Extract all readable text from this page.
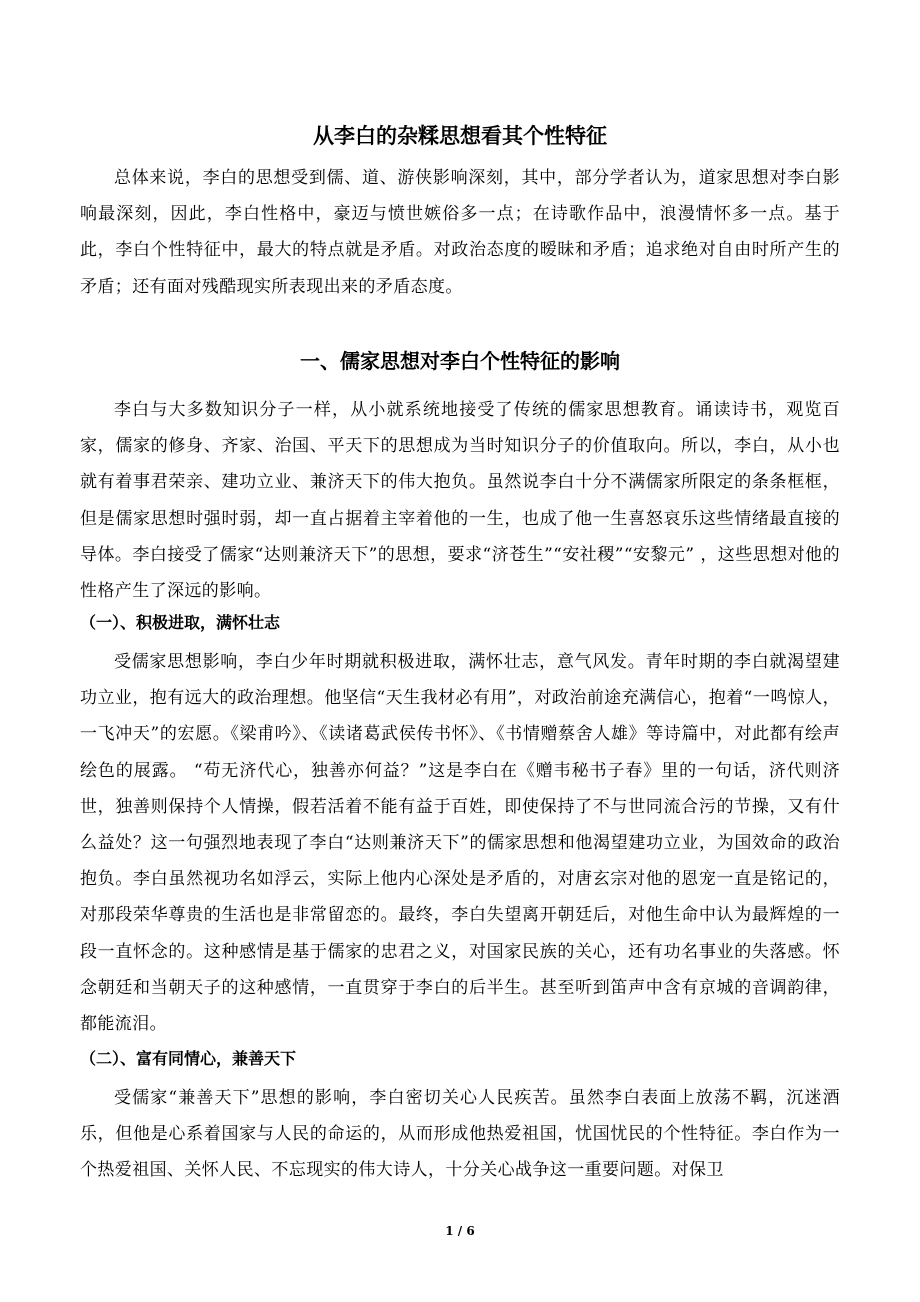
从李白的杂糅思想看其个性特征

总体来说，李白的思想受到儒、道、游侠影响深刻，其中，部分学者认为，道家思想对李白影响最深刻，因此，李白性格中，豪迈与愤世嫉俗多一点；在诗歌作品中，浪漫情怀多一点。基于此，李白个性特征中，最大的特点就是矛盾。对政治态度的暧昧和矛盾；追求绝对自由时所产生的矛盾；还有面对残酷现实所表现出来的矛盾态度。

一、儒家思想对李白个性特征的影响

李白与大多数知识分子一样，从小就系统地接受了传统的儒家思想教育。诵读诗书，观览百家，儒家的修身、齐家、治国、平天下的思想成为当时知识分子的价值取向。所以，李白，从小也就有着事君荣亲、建功立业、兼济天下的伟大抱负。虽然说李白十分不满儒家所限定的条条框框，但是儒家思想时强时弱，却一直占据着主宰着他的一生，也成了他一生喜怒哀乐这些情绪最直接的导体。李白接受了儒家“达则兼济天下”的思想，要求“济苍生”“安社稷”“安黎元” ，这些思想对他的性格产生了深远的影响。

（一）、积极进取，满怀壮志

受儒家思想影响，李白少年时期就积极进取，满怀壮志，意气风发。青年时期的李白就渴望建功立业，抱有远大的政治理想。他坚信“天生我材必有用”，对政治前途充满信心，抱着“一鸣惊人，一飞冲天”的宏愿。《梁甫吟》、《读诸葛武侯传书怀》、《书情赠蔡舍人雄》等诗篇中，对此都有绘声绘色的展露。 “苟无济代心，独善亦何益？”这是李白在《赠韦秘书子春》里的一句话，济代则济世，独善则保持个人情操，假若活着不能有益于百姓，即使保持了不与世同流合污的节操，又有什么益处？这一句强烈地表现了李白“达则兼济天下”的儒家思想和他渴望建功立业，为国效命的政治抱负。李白虽然视功名如浮云，实际上他内心深处是矛盾的，对唐玄宗对他的恩宠一直是铭记的，对那段荣华尊贵的生活也是非常留恋的。最终，李白失望离开朝廷后，对他生命中认为最辉煌的一段一直怀念的。这种感情是基于儒家的忠君之义，对国家民族的关心，还有功名事业的失落感。怀念朝廷和当朝天子的这种感情，一直贯穿于李白的后半生。甚至听到笛声中含有京城的音调韵律，都能流泪。

（二）、富有同情心，兼善天下

受儒家“兼善天下”思想的影响，李白密切关心人民疾苦。虽然李白表面上放荡不羁，沉迷酒乐，但他是心系着国家与人民的命运的，从而形成他热爱祖国，忧国忧民的个性特征。李白作为一个热爱祖国、关怀人民、不忘现实的伟大诗人，十分关心战争这一重要问题。对保卫

1 / 6
